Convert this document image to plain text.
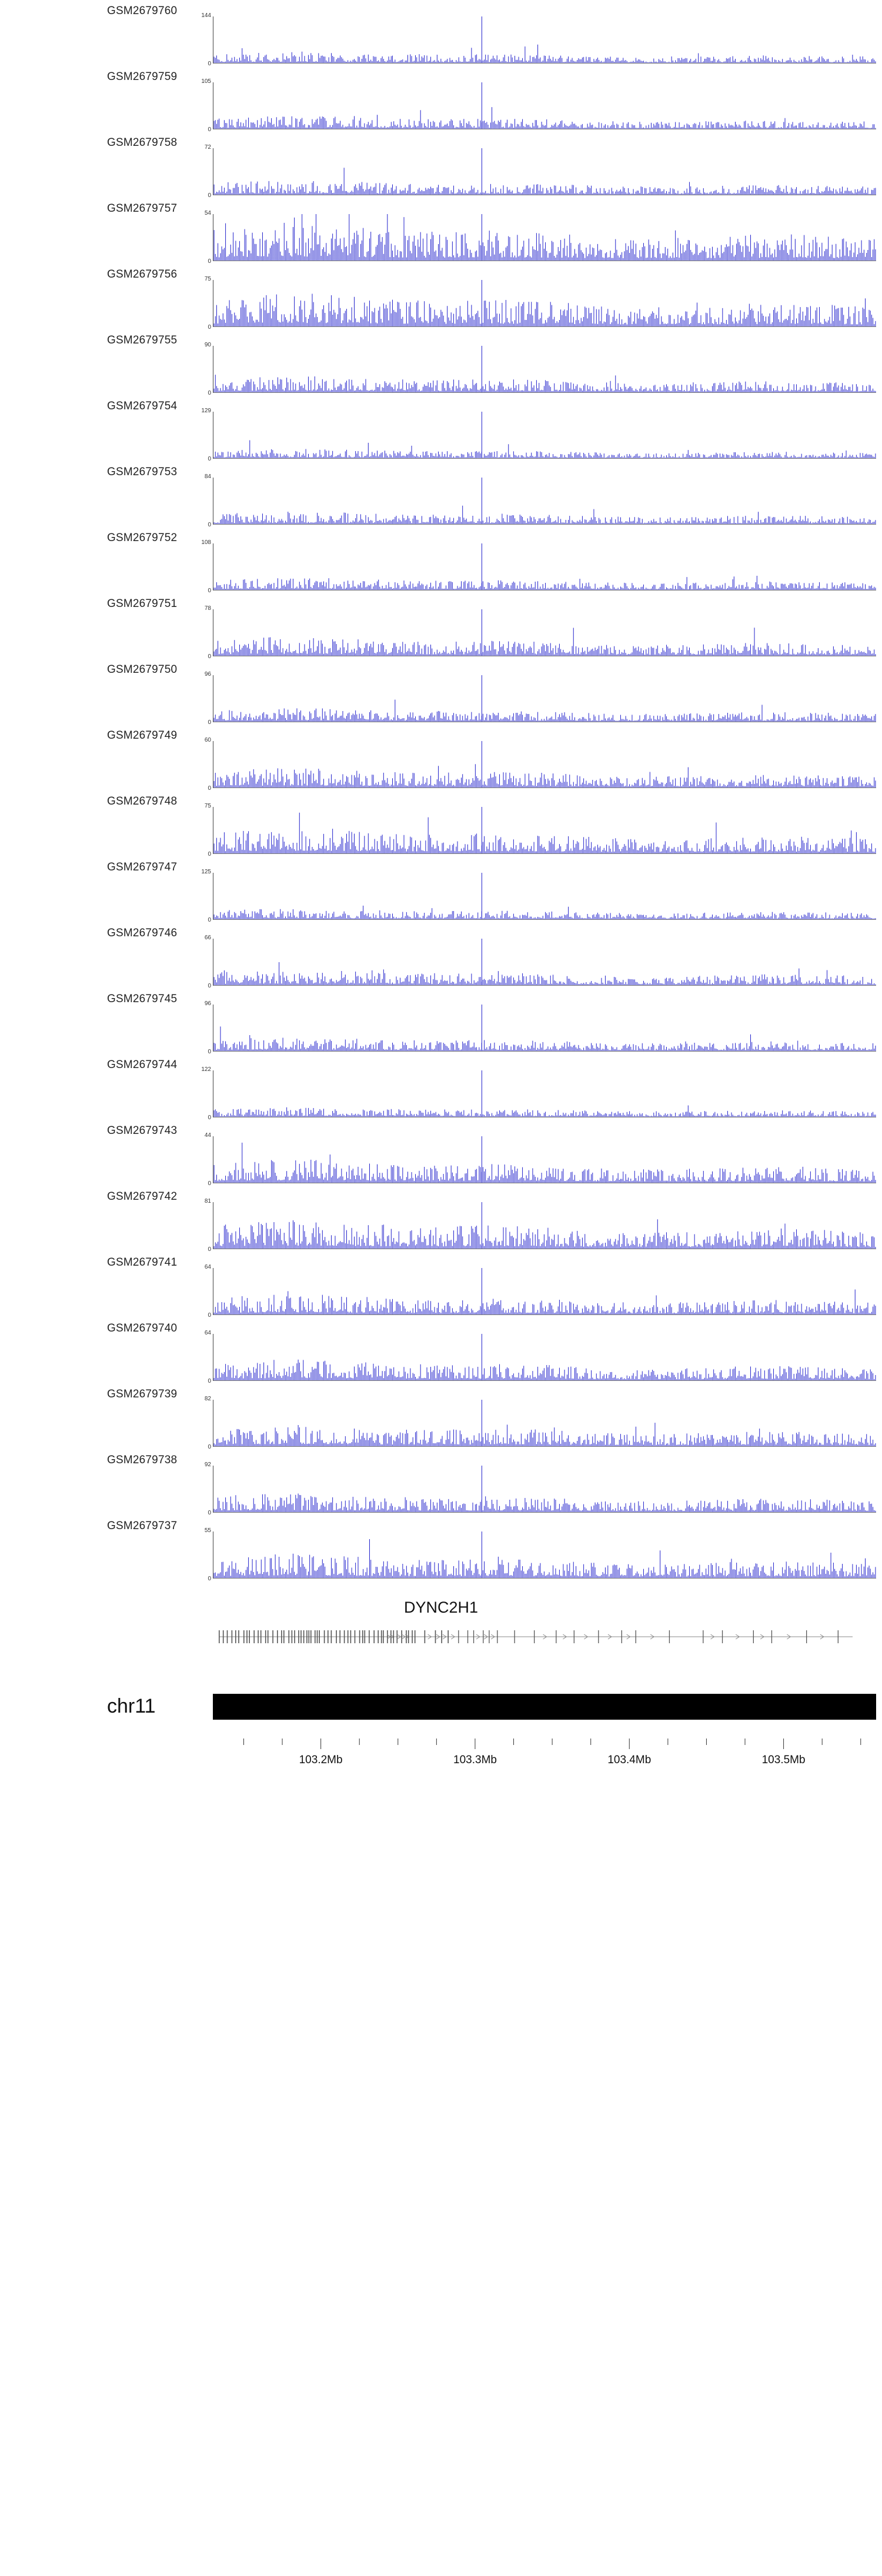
GSM2679760	144
0
GSM2679759	105
0
GSM2679758	72
0
GSM2679757	54
0
GSM2679756	75
0
GSM2679755	90
0
GSM2679754	129
0
GSM2679753	84
0
GSM2679752	108
0
GSM2679751	78
0
GSM2679750	96
0
GSM2679749	60
0
GSM2679748	75
0
GSM2679747	125
0
GSM2679746	66
0
GSM2679745	96
0
GSM2679744	122
0
GSM2679743	44
0
GSM2679742	81
0
GSM2679741	64
0
GSM2679740	64
0
GSM2679739	82
0
GSM2679738	92
0
GSM2679737	55
0
DYNC2H1
chr11
103.2Mb	103.3Mb	103.4Mb	103.5Mb
